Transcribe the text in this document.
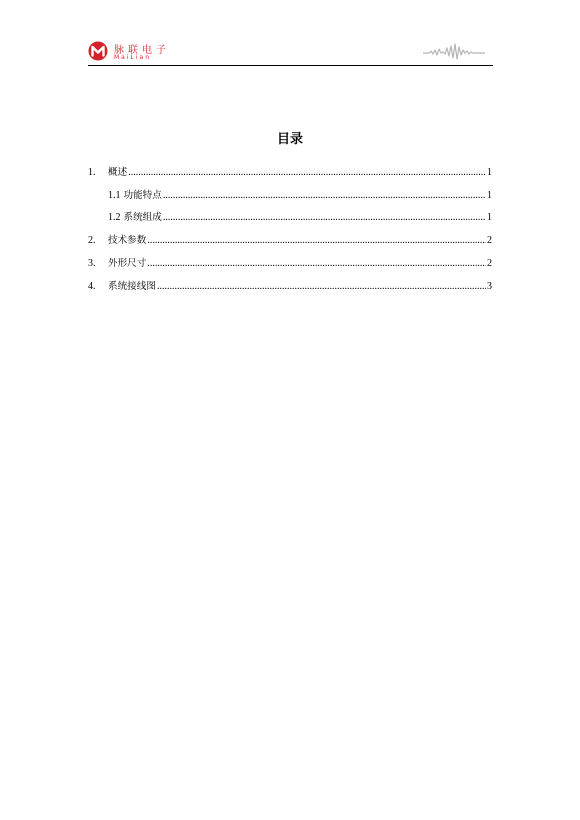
脉联电子
MaiLian
目录
1.	概述 .....	1
1.1 功能特点 .....	1
1.2 系统组成 .....	1
2.	技术参数 .....	2
3.	外形尺寸 .....	2
4.	系统接线图 .....	3
